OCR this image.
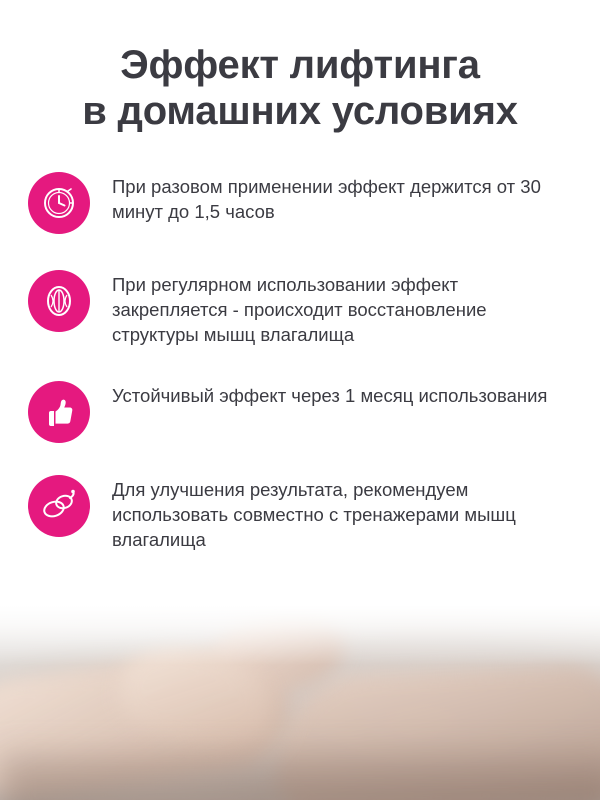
Эффект лифтинга
в домашних условиях
При разовом применении эффект держится от 30 минут до 1,5 часов
При регулярном использовании эффект закрепляется - происходит восстановление структуры мышц влагалища
Устойчивый эффект через 1 месяц использования
Для улучшения результата, рекомендуем использовать совместно с тренажерами мышц влагалища
